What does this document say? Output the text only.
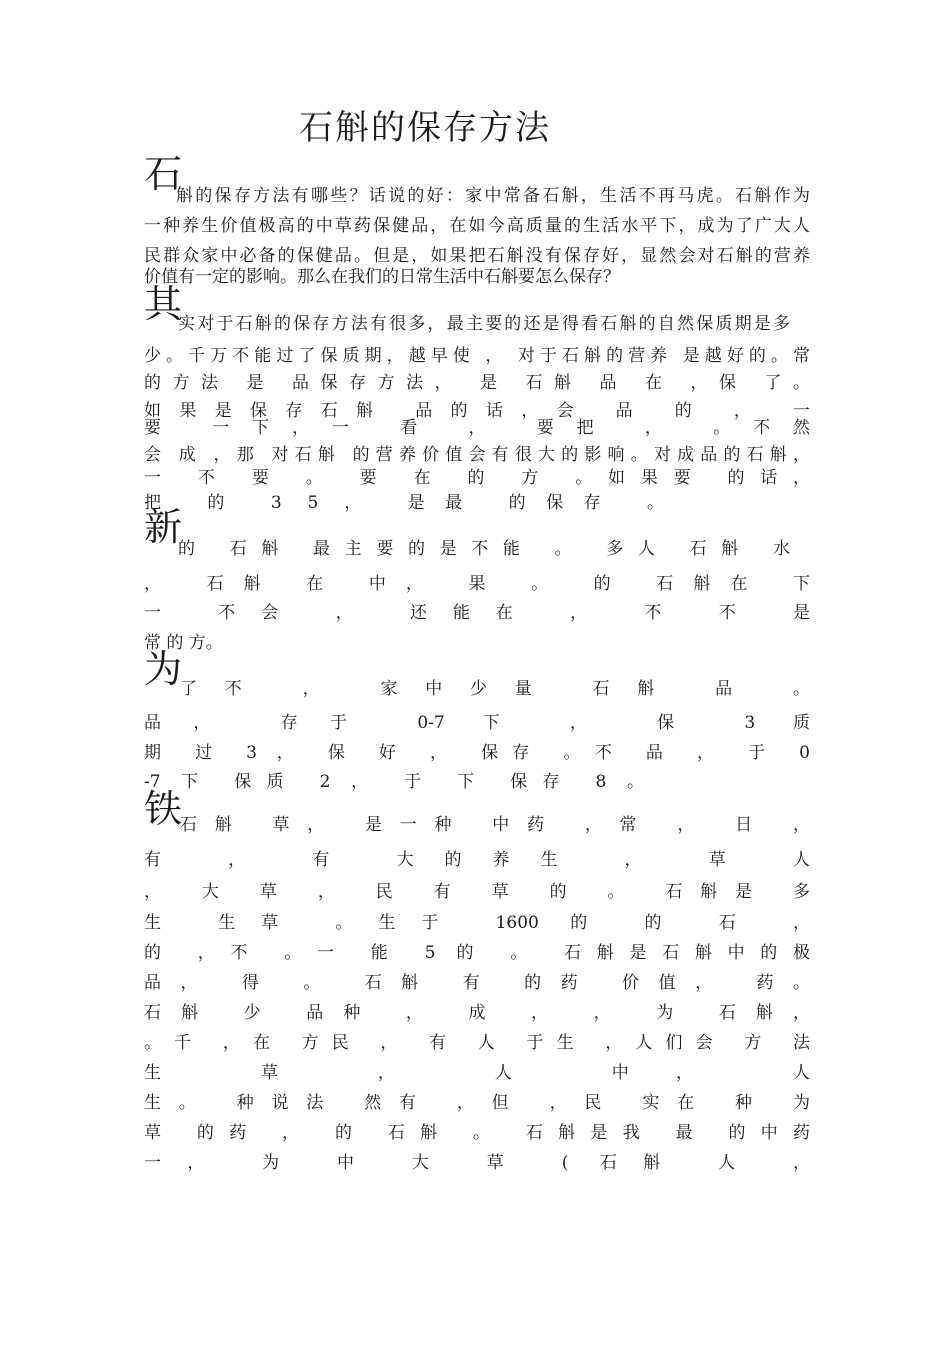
石斛的保存方法
石
斛的保存方法有哪些？话说的好：家中常备石斛，生活不再马虎。石斛作为
一种养生价值极高的中草药保健品，在如今高质量的生活水平下，成为了广大人
民群众家中必备的保健品。但是，如果把石斛没有保存好，显然会对石斛的营养
价值有一定的影响。那么在我们的日常生活中石斛要怎么保存？
其
实对于石斛的保存方法有很多，最主要的还是得看石斛的自然保质期是多
少。千万不能过了保质期，越早使 ， 对于石斛的营养 是越好的。常
的方法 是 品保存方法， 是 石斛 品 在 ，保 了。
如果是保存石斛 品的话，会 品 的 ， 一
要 一下，一 看 ， 要把 ， 。不然
会 成 ，那 对石斛 的营养价值会有很大的影响。对成品的石斛，
一 不 要 。 要 在 的 方 。如果要 的话，
把 的 3 5 ， 是最 的保存 。
新
的 石斛 最主要的是不能 。 多人 石斛 水
， 石斛 在 中， 果 。 的 石斛在 下
一 不会 ， 还能在 ， 不 不 是
常 的 方。
为
了不 ， 家中少量 石斛 品 。
品， 存于 0-7 下 ， 保 3 质
期 过 3 ， 保 好 ， 保存 。不 品 ， 于 0
-7 下 保质 2 ， 于 下 保存 8 。
铁
石斛 草， 是一种 中药 ，常 ， 日 ，
有 ， 有 大的养生 ， 草 人
， 大 草 ， 民 有 草 的 。 石斛是 多
生 生草 。生于 1600 的 的 石 ，
的 ，不 。一 能 5 的 。 石斛是石斛中的极
品， 得 。 石斛 有 的药 价值， 药。
石斛 少 品种 ， 成 ， ， 为 石斛，
。千 ，在 方民 ， 有 人 于生 ，人们会 方 法
生 草 ， 人 中， 人
生。 种说法 然有 ，但 ，民 实在 种 为
草 的药 ， 的 石斛 。 石斛是我 最 的中药
一， 为 中 大 草 ( 石斛 人 ，
